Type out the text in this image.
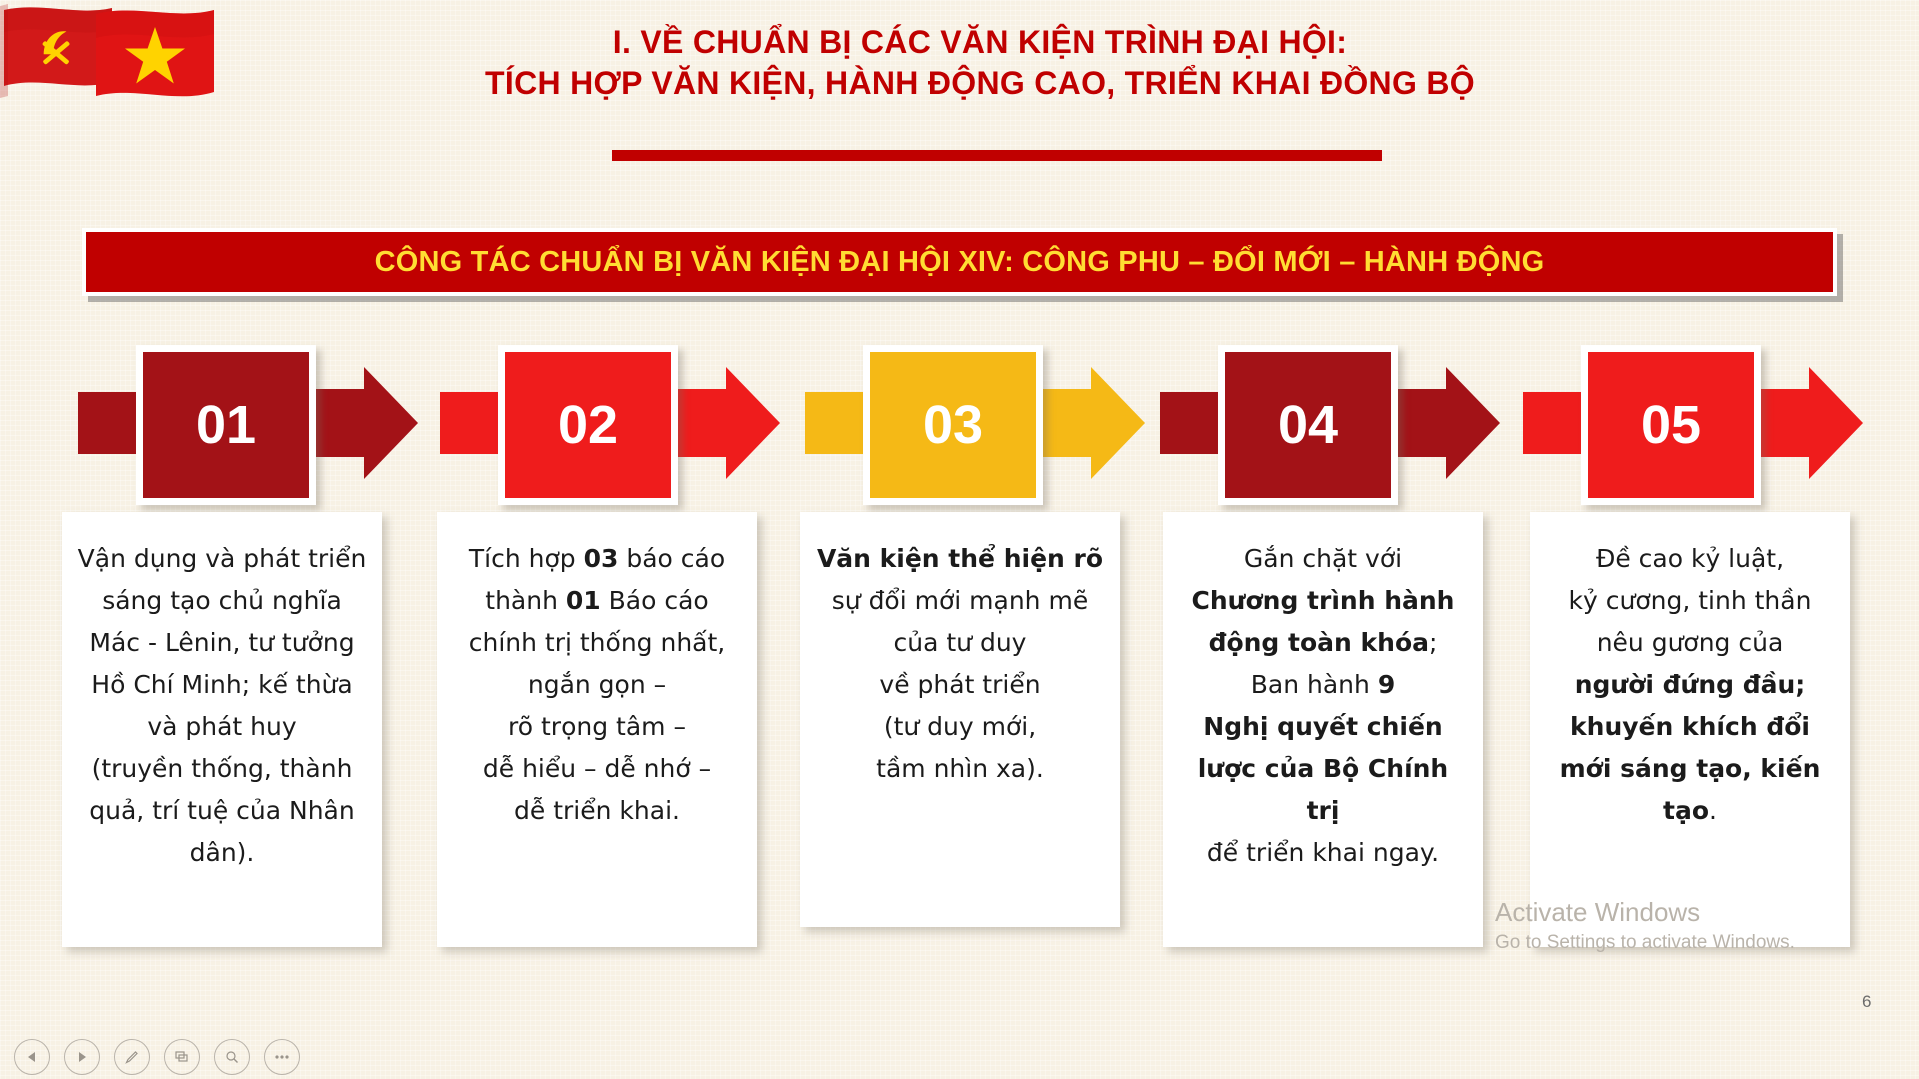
I. VỀ CHUẨN BỊ CÁC VĂN KIỆN TRÌNH ĐẠI HỘI:
TÍCH HỢP VĂN KIỆN, HÀNH ĐỘNG CAO, TRIỂN KHAI ĐỒNG BỘ
CÔNG TÁC CHUẨN BỊ VĂN KIỆN ĐẠI HỘI XIV: CÔNG PHU – ĐỔI MỚI – HÀNH ĐỘNG
01	02	03	04	05

Vận dụng và phát triển sáng tạo chủ nghĩa Mác - Lênin, tư tưởng Hồ Chí Minh; kế thừa và phát huy
(truyền thống, thành quả, trí tuệ của Nhân dân).

Tích hợp 03 báo cáo thành 01 Báo cáo chính trị thống nhất, ngắn gọn –
rõ trọng tâm –
dễ hiểu – dễ nhớ –
dễ triển khai.

Văn kiện thể hiện rõ
sự đổi mới mạnh mẽ
của tư duy
về phát triển
(tư duy mới,
tầm nhìn xa).

Gắn chặt với
Chương trình hành động toàn khóa;
Ban hành 9
Nghị quyết chiến lược của Bộ Chính trị
để triển khai ngay.

Đề cao kỷ luật,
kỷ cương, tinh thần nêu gương của
người đứng đầu;
khuyến khích đổi mới sáng tạo, kiến tạo.

Activate Windows
Go to Settings to activate Windows.
6
